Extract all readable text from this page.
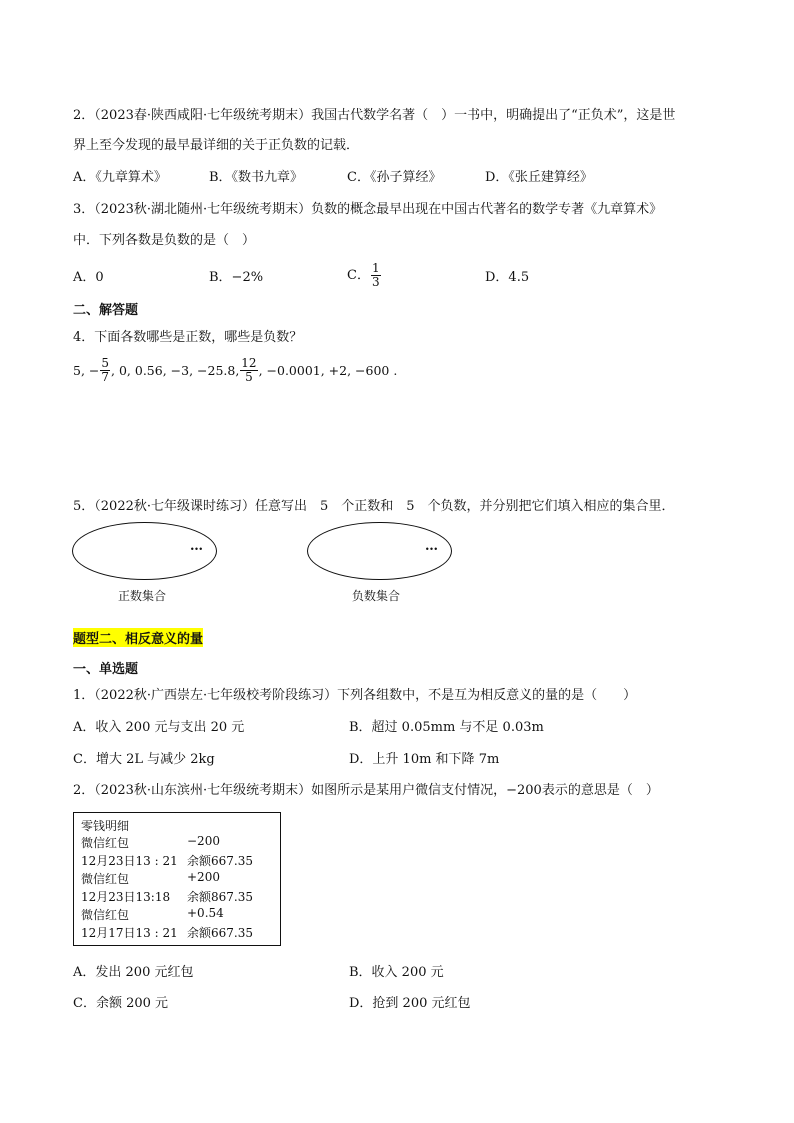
2．（2023春·陕西咸阳·七年级统考期末）我国古代数学名著（　）一书中，明确提出了“正负术”，这是世
界上至今发现的最早最详细的关于正负数的记载．
A．《九章算术》	B．《数书九章》	C．《孙子算经》	D．《张丘建算经》
3．（2023秋·湖北随州·七年级统考期末）负数的概念最早出现在中国古代著名的数学专著《九章算术》
中．下列各数是负数的是（　）
A．0	B．−2%	C． $\frac{1}{3}$	D．4.5
二、解答题
4．下面各数哪些是正数，哪些是负数？
5, − $\frac{5}{7}$ , 0, 0.56, −3, −25.8, $\frac{12}{5}$ , −0.0001, +2, −600 .
5．（2022秋·七年级课时练习）任意写出　5　个正数和　5　个负数，并分别把它们填入相应的集合里．
…
正数集合
…
负数集合
题型二、相反意义的量
一、单选题
1．（2022秋·广西崇左·七年级校考阶段练习）下列各组数中，不是互为相反意义的量的是（　　）
A．收入 200 元与支出 20 元	B．超过 0.05mm 与不足 0.03m
C．增大 2L 与减少 2kg	D．上升 10m 和下降 7m
2．（2023秋·山东滨州·七年级统考期末）如图所示是某用户微信支付情况，−200表示的意思是（　）
零钱明细
微信红包	−200
12月23日13 : 21 余额667.35
微信红包	+200
12月23日13:18	余额867.35
微信红包	+0.54
12月17日13 : 21 余额667.35
A．发出 200 元红包	B．收入 200 元
C．余额 200 元	D．抢到 200 元红包
